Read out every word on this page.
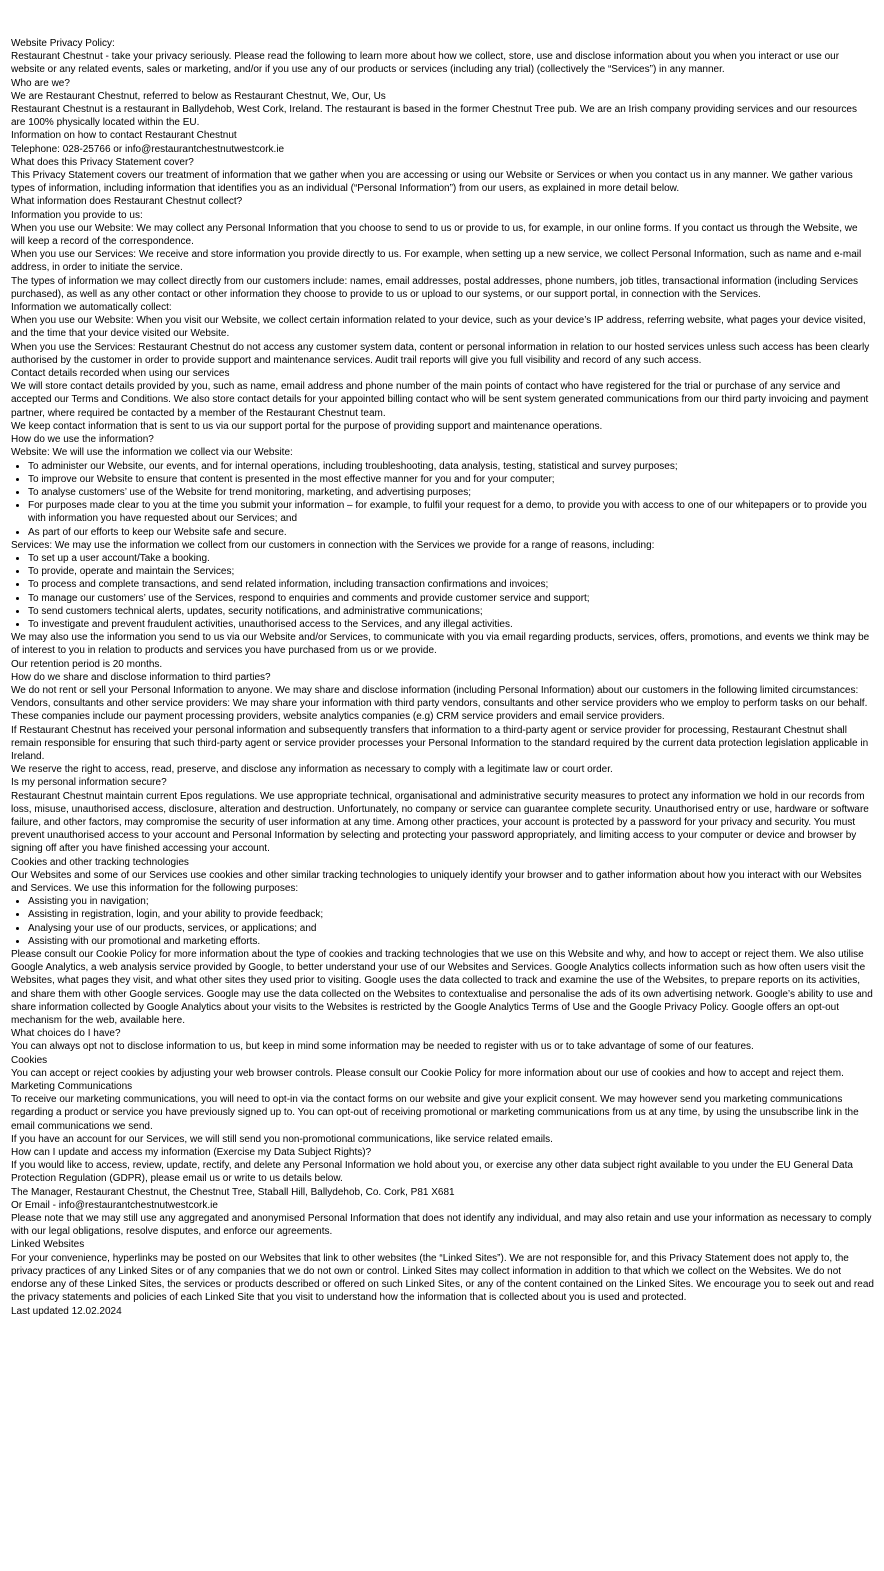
Website Privacy Policy:

Restaurant Chestnut - take your privacy seriously. Please read the following to learn more about how we collect, store, use and disclose information about you when you interact or use our website or any related events, sales or marketing, and/or if you use any of our products or services (including any trial) (collectively the “Services”) in any manner.

Who are we?

We are Restaurant Chestnut, referred to below as Restaurant Chestnut, We, Our, Us

Restaurant Chestnut is a restaurant in Ballydehob, West Cork, Ireland. The restaurant is based in the former Chestnut Tree pub. We are an Irish company providing services and our resources are 100% physically located within the EU.

Information on how to contact Restaurant Chestnut

Telephone: 028-25766 or info@restaurantchestnutwestcork.ie

What does this Privacy Statement cover?

This Privacy Statement covers our treatment of information that we gather when you are accessing or using our Website or Services or when you contact us in any manner. We gather various types of information, including information that identifies you as an individual (“Personal Information”) from our users, as explained in more detail below.

What information does Restaurant Chestnut collect?

Information you provide to us:

When you use our Website: We may collect any Personal Information that you choose to send to us or provide to us, for example, in our online forms. If you contact us through the Website, we will keep a record of the correspondence.

When you use our Services: We receive and store information you provide directly to us. For example, when setting up a new service, we collect Personal Information, such as name and e-mail address, in order to initiate the service.

The types of information we may collect directly from our customers include: names, email addresses, postal addresses, phone numbers, job titles, transactional information (including Services purchased), as well as any other contact or other information they choose to provide to us or upload to our systems, or our support portal, in connection with the Services.

Information we automatically collect:

When you use our Website: When you visit our Website, we collect certain information related to your device, such as your device’s IP address, referring website, what pages your device visited, and the time that your device visited our Website.

When you use the Services: Restaurant Chestnut do not access any customer system data, content or personal information in relation to our hosted services unless such access has been clearly authorised by the customer in order to provide support and maintenance services. Audit trail reports will give you full visibility and record of any such access.

Contact details recorded when using our services

We will store contact details provided by you, such as name, email address and phone number of the main points of contact who have registered for the trial or purchase of any service and accepted our Terms and Conditions. We also store contact details for your appointed billing contact who will be sent system generated communications from our third party invoicing and payment partner, where required be contacted by a member of the Restaurant Chestnut team.

We keep contact information that is sent to us via our support portal for the purpose of providing support and maintenance operations.

How do we use the information?

Website: We will use the information we collect via our Website:

• To administer our Website, our events, and for internal operations, including troubleshooting, data analysis, testing, statistical and survey purposes;
• To improve our Website to ensure that content is presented in the most effective manner for you and for your computer;
• To analyse customers’ use of the Website for trend monitoring, marketing, and advertising purposes;
• For purposes made clear to you at the time you submit your information – for example, to fulfil your request for a demo, to provide you with access to one of our whitepapers or to provide you with information you have requested about our Services; and
• As part of our efforts to keep our Website safe and secure.

Services: We may use the information we collect from our customers in connection with the Services we provide for a range of reasons, including:

• To set up a user account/Take a booking.
• To provide, operate and maintain the Services;
• To process and complete transactions, and send related information, including transaction confirmations and invoices;
• To manage our customers’ use of the Services, respond to enquiries and comments and provide customer service and support;
• To send customers technical alerts, updates, security notifications, and administrative communications;
• To investigate and prevent fraudulent activities, unauthorised access to the Services, and any illegal activities.

We may also use the information you send to us via our Website and/or Services, to communicate with you via email regarding products, services, offers, promotions, and events we think may be of interest to you in relation to products and services you have purchased from us or we provide.

Our retention period is 20 months.

How do we share and disclose information to third parties?

We do not rent or sell your Personal Information to anyone. We may share and disclose information (including Personal Information) about our customers in the following limited circumstances:

Vendors, consultants and other service providers: We may share your information with third party vendors, consultants and other service providers who we employ to perform tasks on our behalf. These companies include our payment processing providers, website analytics companies (e.g) CRM service providers and email service providers.

If Restaurant Chestnut has received your personal information and subsequently transfers that information to a third-party agent or service provider for processing, Restaurant Chestnut shall remain responsible for ensuring that such third-party agent or service provider processes your Personal Information to the standard required by the current data protection legislation applicable in Ireland.

We reserve the right to access, read, preserve, and disclose any information as necessary to comply with a legitimate law or court order.

Is my personal information secure?

Restaurant Chestnut maintain current Epos regulations. We use appropriate technical, organisational and administrative security measures to protect any information we hold in our records from loss, misuse, unauthorised access, disclosure, alteration and destruction. Unfortunately, no company or service can guarantee complete security. Unauthorised entry or use, hardware or software failure, and other factors, may compromise the security of user information at any time. Among other practices, your account is protected by a password for your privacy and security. You must prevent unauthorised access to your account and Personal Information by selecting and protecting your password appropriately, and limiting access to your computer or device and browser by signing off after you have finished accessing your account.

Cookies and other tracking technologies

Our Websites and some of our Services use cookies and other similar tracking technologies to uniquely identify your browser and to gather information about how you interact with our Websites and Services. We use this information for the following purposes:

• Assisting you in navigation;
• Assisting in registration, login, and your ability to provide feedback;
• Analysing your use of our products, services, or applications; and
• Assisting with our promotional and marketing efforts.

Please consult our Cookie Policy for more information about the type of cookies and tracking technologies that we use on this Website and why, and how to accept or reject them. We also utilise Google Analytics, a web analysis service provided by Google, to better understand your use of our Websites and Services. Google Analytics collects information such as how often users visit the Websites, what pages they visit, and what other sites they used prior to visiting. Google uses the data collected to track and examine the use of the Websites, to prepare reports on its activities, and share them with other Google services. Google may use the data collected on the Websites to contextualise and personalise the ads of its own advertising network. Google’s ability to use and share information collected by Google Analytics about your visits to the Websites is restricted by the Google Analytics Terms of Use and the Google Privacy Policy. Google offers an opt-out mechanism for the web, available here.

What choices do I have?

You can always opt not to disclose information to us, but keep in mind some information may be needed to register with us or to take advantage of some of our features.

Cookies

You can accept or reject cookies by adjusting your web browser controls. Please consult our Cookie Policy for more information about our use of cookies and how to accept and reject them.

Marketing Communications

To receive our marketing communications, you will need to opt-in via the contact forms on our website and give your explicit consent. We may however send you marketing communications regarding a product or service you have previously signed up to. You can opt-out of receiving promotional or marketing communications from us at any time, by using the unsubscribe link in the email communications we send.

If you have an account for our Services, we will still send you non-promotional communications, like service related emails.

How can I update and access my information (Exercise my Data Subject Rights)?

If you would like to access, review, update, rectify, and delete any Personal Information we hold about you, or exercise any other data subject right available to you under the EU General Data Protection Regulation (GDPR), please email us or write to us details below.

The Manager, Restaurant Chestnut, the Chestnut Tree, Staball Hill, Ballydehob, Co. Cork, P81 X681

Or Email - info@restaurantchestnutwestcork.ie

Please note that we may still use any aggregated and anonymised Personal Information that does not identify any individual, and may also retain and use your information as necessary to comply with our legal obligations, resolve disputes, and enforce our agreements.

Linked Websites

For your convenience, hyperlinks may be posted on our Websites that link to other websites (the “Linked Sites”). We are not responsible for, and this Privacy Statement does not apply to, the privacy practices of any Linked Sites or of any companies that we do not own or control. Linked Sites may collect information in addition to that which we collect on the Websites. We do not endorse any of these Linked Sites, the services or products described or offered on such Linked Sites, or any of the content contained on the Linked Sites. We encourage you to seek out and read the privacy statements and policies of each Linked Site that you visit to understand how the information that is collected about you is used and protected.

Last updated 12.02.2024
